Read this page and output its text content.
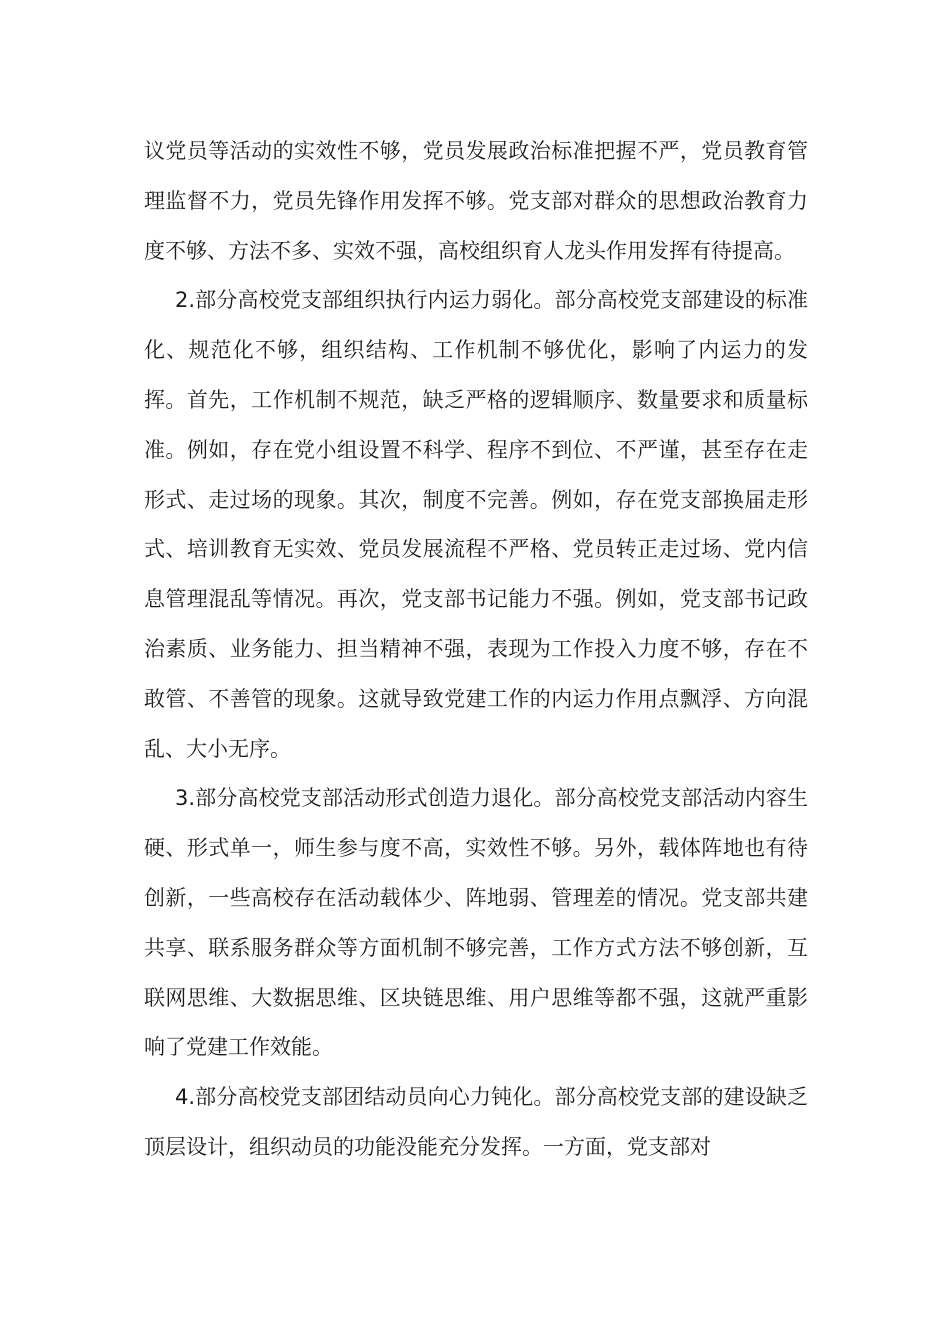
议党员等活动的实效性不够，党员发展政治标准把握不严，党员教育管理监督不力，党员先锋作用发挥不够。党支部对群众的思想政治教育力度不够、方法不多、实效不强，高校组织育人龙头作用发挥有待提高。

2.部分高校党支部组织执行内运力弱化。部分高校党支部建设的标准化、规范化不够，组织结构、工作机制不够优化，影响了内运力的发挥。首先，工作机制不规范，缺乏严格的逻辑顺序、数量要求和质量标准。例如，存在党小组设置不科学、程序不到位、不严谨，甚至存在走形式、走过场的现象。其次，制度不完善。例如，存在党支部换届走形式、培训教育无实效、党员发展流程不严格、党员转正走过场、党内信息管理混乱等情况。再次，党支部书记能力不强。例如，党支部书记政治素质、业务能力、担当精神不强，表现为工作投入力度不够，存在不敢管、不善管的现象。这就导致党建工作的内运力作用点飘浮、方向混乱、大小无序。

3.部分高校党支部活动形式创造力退化。部分高校党支部活动内容生硬、形式单一，师生参与度不高，实效性不够。另外，载体阵地也有待创新，一些高校存在活动载体少、阵地弱、管理差的情况。党支部共建共享、联系服务群众等方面机制不够完善，工作方式方法不够创新，互联网思维、大数据思维、区块链思维、用户思维等都不强，这就严重影响了党建工作效能。

4.部分高校党支部团结动员向心力钝化。部分高校党支部的建设缺乏顶层设计，组织动员的功能没能充分发挥。一方面，党支部对
